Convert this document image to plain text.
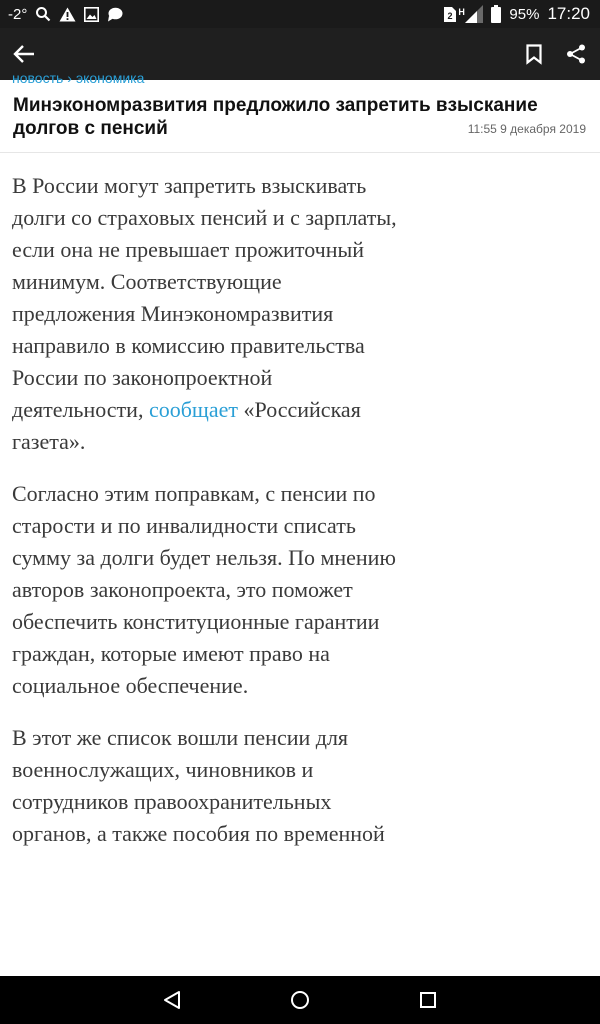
-2°	2 H	95% 17:20
новость › экономика
Минэкономразвития предложило запретить взыскание долгов с пенсий	11:55 9 декабря 2019

В России могут запретить взыскивать долги со страховых пенсий и с зарплаты, если она не превышает прожиточный минимум. Соответствующие предложения Минэкономразвития направило в комиссию правительства России по законопроектной деятельности, сообщает «Российская газета».

Согласно этим поправкам, с пенсии по старости и по инвалидности списать сумму за долги будет нельзя. По мнению авторов законопроекта, это поможет обеспечить конституционные гарантии граждан, которые имеют право на социальное обеспечение.

В этот же список вошли пенсии для военнослужащих, чиновников и сотрудников правоохранительных органов, а также пособия по временной
